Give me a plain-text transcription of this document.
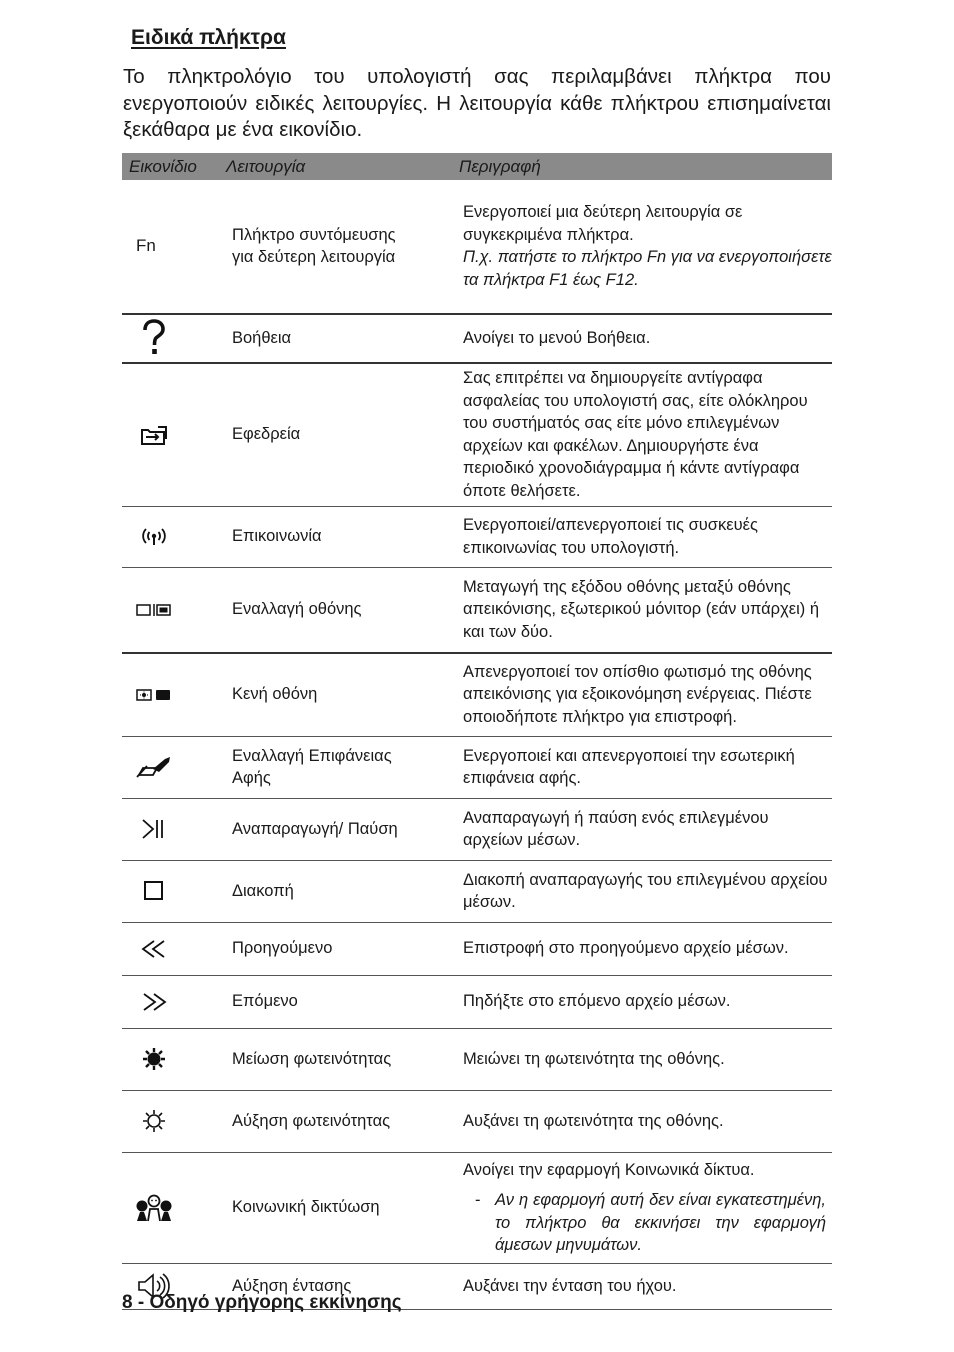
Ειδικά πλήκτρα
Το πληκτρολόγιο του υπολογιστή σας περιλαμβάνει πλήκτρα που ενεργοποιούν ειδικές λειτουργίες. Η λειτουργία κάθε πλήκτρου επισημαίνεται ξεκάθαρα με ένα εικονίδιο.
Εικονίδιο	Λειτουργία	Περιγραφή
Fn	Πλήκτρο συντόμευσης για δεύτερη λειτουργία	Ενεργοποιεί μια δεύτερη λειτουργία σε συγκεκριμένα πλήκτρα.
Π.χ. πατήστε το πλήκτρο Fn για να ενεργοποιήσετε τα πλήκτρα F1 έως F12.

	Βοήθεια	Ανοίγει το μενού Βοήθεια.
	Εφεδρεία	Σας επιτρέπει να δημιουργείτε αντίγραφα ασφαλείας του υπολογιστή σας, είτε ολόκληρου του συστήματός σας είτε μόνο επιλεγμένων αρχείων και φακέλων. Δημιουργήστε ένα περιοδικό χρονοδιάγραμμα ή κάντε αντίγραφα όποτε θελήσετε.
	Επικοινωνία	Ενεργοποιεί/απενεργοποιεί τις συσκευές επικοινωνίας του υπολογιστή.
	Εναλλαγή οθόνης	Μεταγωγή της εξόδου οθόνης μεταξύ οθόνης απεικόνισης, εξωτερικού μόνιτορ (εάν υπάρχει) ή και των δύο.
	Κενή οθόνη	Απενεργοποιεί τον οπίσθιο φωτισμό της οθόνης απεικόνισης για εξοικονόμηση ενέργειας. Πιέστε οποιοδήποτε πλήκτρο για επιστροφή.
	Εναλλαγή Επιφάνειας Αφής	Ενεργοποιεί και απενεργοποιεί την εσωτερική επιφάνεια αφής.
	Αναπαραγωγή/ Παύση	Αναπαραγωγή ή παύση ενός επιλεγμένου αρχείων μέσων.
	Διακοπή	Διακοπή αναπαραγωγής του επιλεγμένου αρχείου μέσων.
	Προηγούμενο	Επιστροφή στο προηγούμενο αρχείο μέσων.
	Επόμενο	Πηδήξτε στο επόμενο αρχείο μέσων.
	Μείωση φωτεινότητας	Μειώνει τη φωτεινότητα της οθόνης.
	Αύξηση φωτεινότητας	Αυξάνει τη φωτεινότητα της οθόνης.
	Κοινωνική δικτύωση	Ανοίγει την εφαρμογή Κοινωνικά δίκτυα.
- Αν η εφαρμογή αυτή δεν είναι εγκατεστημένη, το πλήκτρο θα εκκινήσει την εφαρμογή άμεσων μηνυμάτων.

	Αύξηση έντασης	Αυξάνει την ένταση του ήχου.
8 - Οδηγό γρήγορης εκκίνησης
